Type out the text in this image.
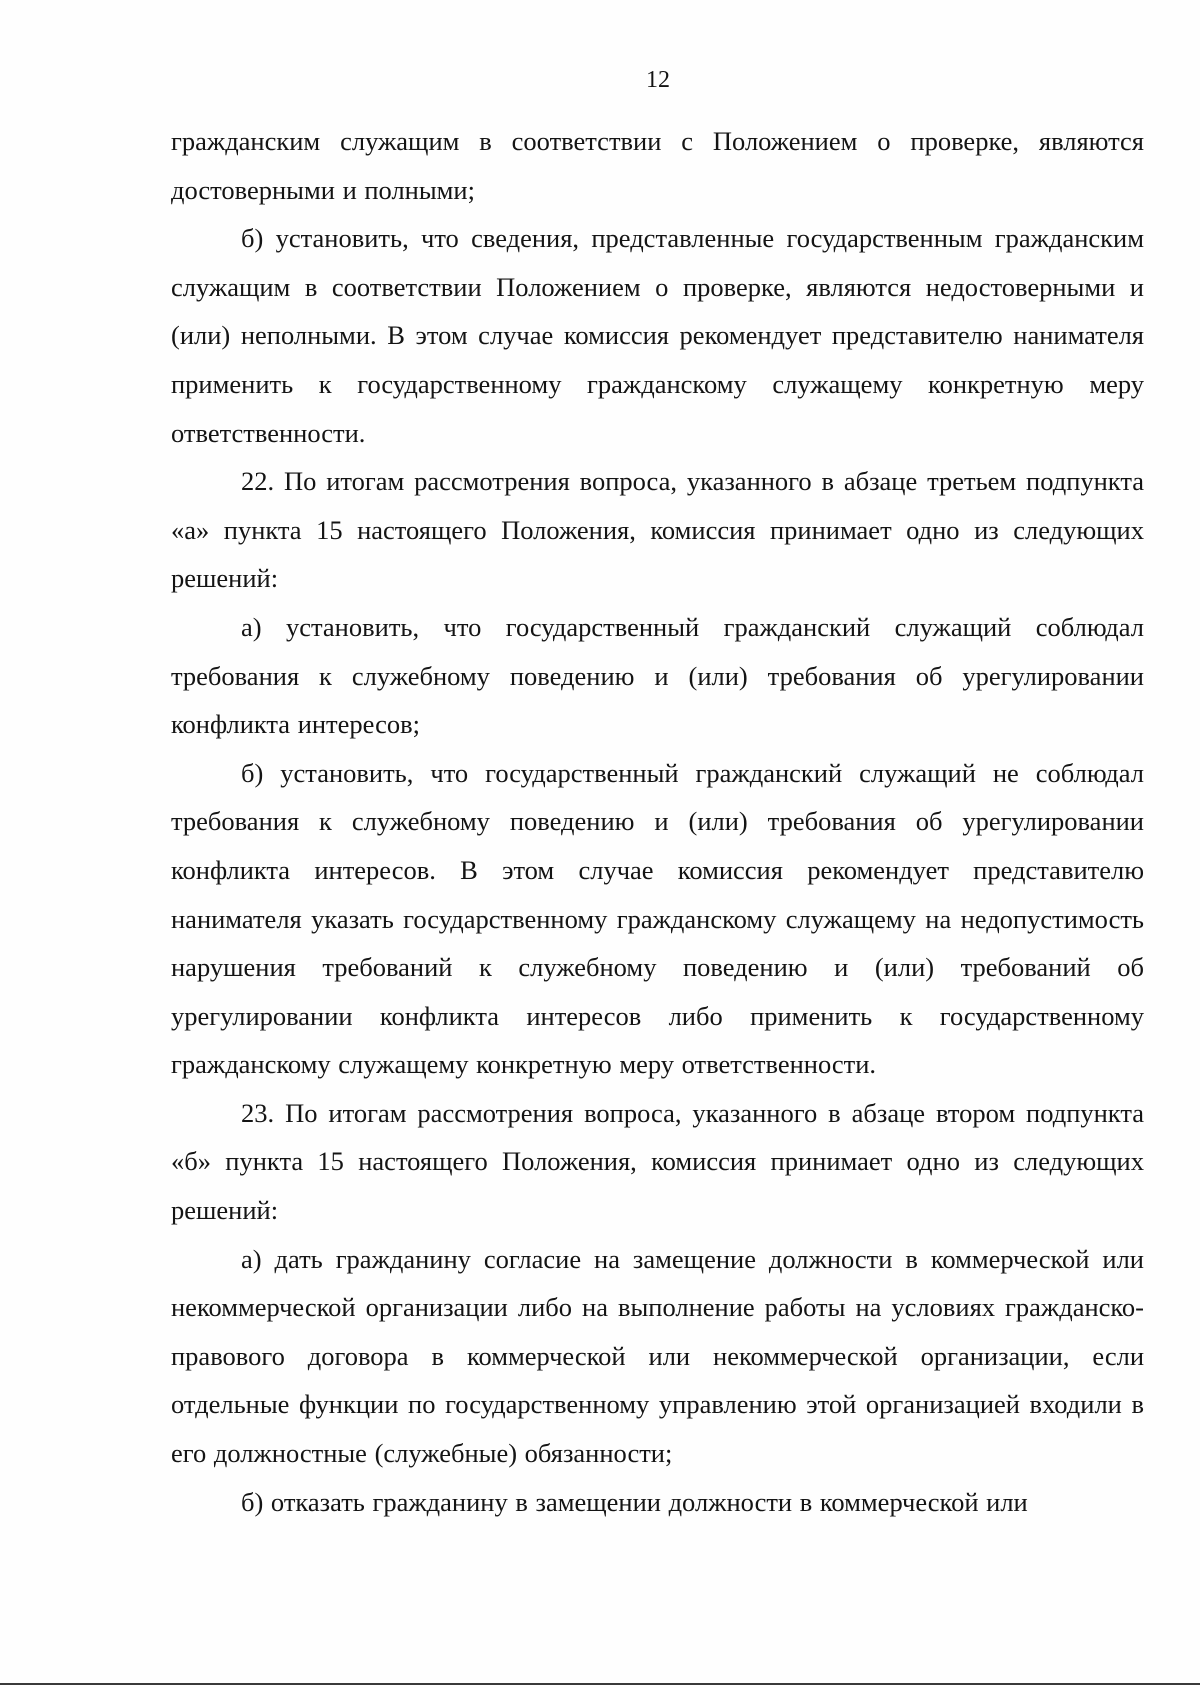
12

гражданским служащим в соответствии с Положением о проверке, являются достоверными и полными;

б) установить, что сведения, представленные государственным гражданским служащим в соответствии Положением о проверке, являются недостоверными и (или) неполными. В этом случае комиссия рекомендует представителю нанимателя применить к государственному гражданскому служащему конкретную меру ответственности.

22. По итогам рассмотрения вопроса, указанного в абзаце третьем подпункта «а» пункта 15 настоящего Положения, комиссия принимает одно из следующих решений:

а) установить, что государственный гражданский служащий соблюдал требования к служебному поведению и (или) требования об урегулировании конфликта интересов;

б) установить, что государственный гражданский служащий не соблюдал требования к служебному поведению и (или) требования об урегулировании конфликта интересов. В этом случае комиссия рекомендует представителю нанимателя указать государственному гражданскому служащему на недопустимость нарушения требований к служебному поведению и (или) требований об урегулировании конфликта интересов либо применить к государственному гражданскому служащему конкретную меру ответственности.

23. По итогам рассмотрения вопроса, указанного в абзаце втором подпункта «б» пункта 15 настоящего Положения, комиссия принимает одно из следующих решений:

а) дать гражданину согласие на замещение должности в коммерческой или некоммерческой организации либо на выполнение работы на условиях гражданско-правового договора в коммерческой или некоммерческой организации, если отдельные функции по государственному управлению этой организацией входили в его должностные (служебные) обязанности;

б) отказать гражданину в замещении должности в коммерческой или
